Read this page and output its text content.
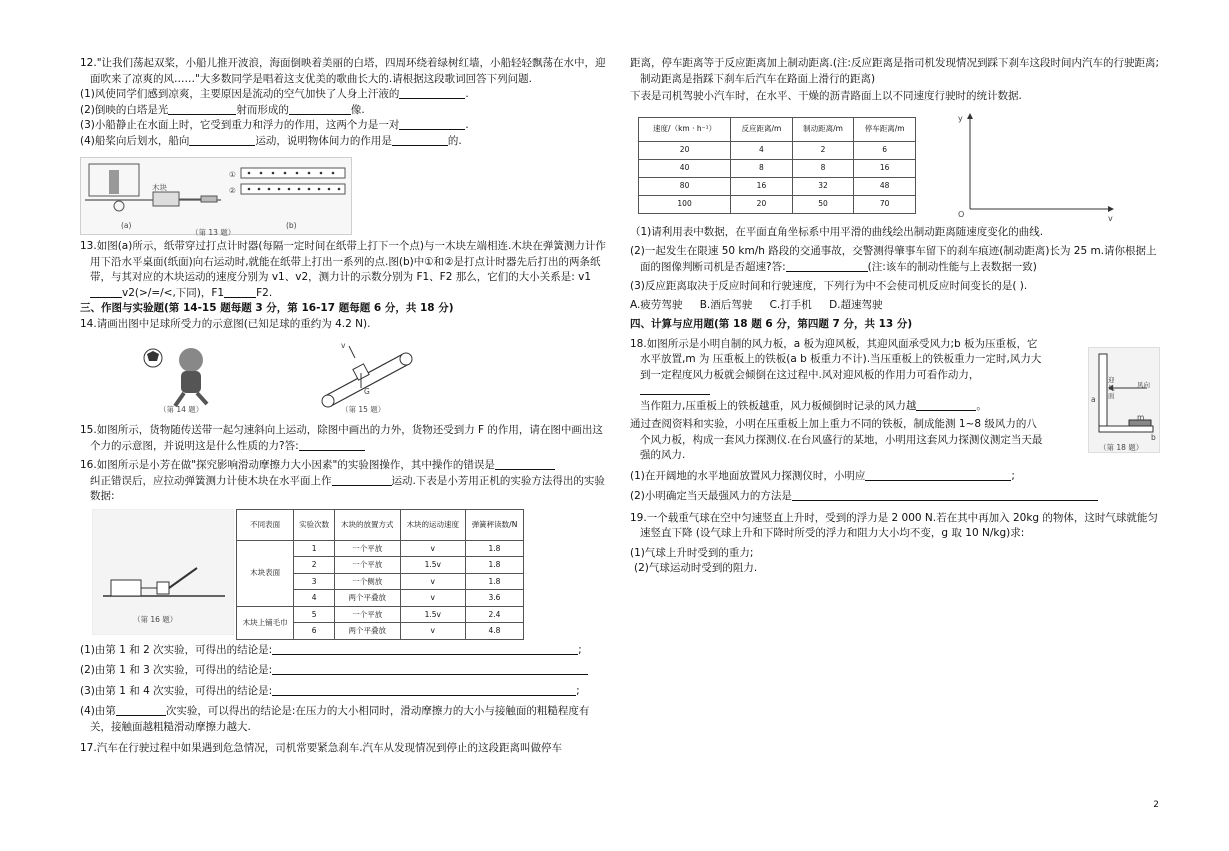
12."让我们荡起双桨，小船儿推开波浪，海面倒映着美丽的白塔，四周环绕着绿树红墙，小船轻轻飘荡在水中，迎面吹来了凉爽的风……"大多数同学是唱着这支优美的歌曲长大的.请根据这段歌词回答下列问题.

(1)风使同学们感到凉爽，主要原因是流动的空气加快了人身上汗液的	.

(2)倒映的白塔是光	射而形成的	像.

(3)小船静止在水面上时，它受到重力和浮力的作用，这两个力是一对	.

(4)船桨向后划水，船向	运动，说明物体间力的作用是	的.

木块
①
②
(a)	(b)
（第 13 题）

13.如图(a)所示，纸带穿过打点计时器(每隔一定时间在纸带上打下一个点)与一木块左端相连.木块在弹簧测力计作用下沿水平桌面(纸面)向右运动时,就能在纸带上打出一系列的点.图(b)中①和②是打点计时器先后打出的两条纸带，与其对应的木块运动的速度分别为 v1、v2，测力计的示数分别为 F1、F2 那么，它们的大小关系是: v1v2(>/=/<,下同)，F1	F2.

三、作图与实验题(第 14-15 题每题 3 分，第 16-17 题每题 6 分，共 18 分)

14.请画出图中足球所受力的示意图(已知足球的重约为 4.2 N).

（第 14 题）
v
G
（第 15 题）

15.如图所示，货物随传送带一起匀速斜向上运动，除图中画出的力外，货物还受到力 F 的作用，请在图中画出这个力的示意图，并说明这是什么性质的力?答:

16.如图所示是小芳在做"探究影响滑动摩擦力大小因素"的实验图操作，其中操作的错误是
纠正错误后，应拉动弹簧测力计使木块在水平面上作	运动.下表是小芳用正机的实验方法得出的实验数据:

（第 16 题）
不同表面	实验次数	木块的放置方式	木块的运动速度	弹簧秤读数/N
木块表面	1	一个平放	v	1.8
	2	一个平放	1.5v	1.8
	3	一个侧放	v	1.8
	4	两个平叠放	v	3.6
木块上铺毛巾	5	一个平放	1.5v	2.4
	6	两个平叠放	v	4.8

(1)由第 1 和 2 次实验，可得出的结论是:	;

(2)由第 1 和 3 次实验，可得出的结论是:

(3)由第 1 和 4 次实验，可得出的结论是:	;

(4)由第	次实验，可以得出的结论是:在压力的大小相同时，滑动摩擦力的大小与接触面的粗糙程度有关，接触面越粗糙滑动摩擦力越大.

17.汽车在行驶过程中如果遇到危急情况，司机常要紧急刹车.汽车从发现情况到停止的这段距离叫做停车

距离，停车距离等于反应距离加上制动距离.(注:反应距离是指司机发现情况到踩下刹车这段时间内汽车的行驶距离;制动距离是指踩下刹车后汽车在路面上滑行的距离)

下表是司机驾驶小汽车时，在水平、干燥的沥青路面上以不同速度行驶时的统计数据.

速度/（km · h⁻¹）	反应距离/m	制动距离/m	停车距离/m
20	4	2	6
40	8	8	16
80	16	32	48
100	20	50	70
y
O	v

（1)请利用表中数据，在平面直角坐标系中用平滑的曲线绘出制动距离随速度变化的曲线.

(2)一起发生在限速 50 km/h 路段的交通事故，交警测得肇事车留下的刹车痕迹(制动距离)长为 25 m.请你根据上面的图像判断司机是否超速?答:	(注:该车的制动性能与上表数据一致)

(3)反应距离取决于反应时间和行驶速度，下列行为中不会使司机反应时间变长的是( ).

A.疲劳驾驶 B.酒后驾驶 C.打手机 D.超速驾驶

四、计算与应用题(第 18 题 6 分，第四题 7 分，共 13 分)

18.如图所示是小明自制的风力板，a 板为迎风板，其迎风面承受风力;b 板为压重板，它水平放置,m 为 压重板上的铁板(a b 板重力不计).当压重板上的铁板重力一定时,风力大到一定程度风力板就会倾倒在这过程中.风对迎风板的作用力可看作动力，

当作阻力,压重板上的铁板越重，风力板倾倒时记录的风力越	。

通过查阅资料和实验，小明在压重板上加上重力不同的铁板，制成能测 1~8 级风力的八个风力板，构成一套风力探测仪.在台风盛行的某地，小明用这套风力探测仪测定当天最强的风力.

迎风面
风向
a
m
b
（第 18 题）

(1)在开阔地的水平地面放置风力探测仪时，小明应	;

(2)小明确定当天最强风力的方法是

19.一个载重气球在空中匀速竖直上升时，受到的浮力是 2 000 N.若在其中再加入 20kg 的物体，这时气球就能匀速竖直下降 (设气球上升和下降时所受的浮力和阻力大小均不变，g 取 10 N/kg)求:

(1)气球上升时受到的重力;

(2)气球运动时受到的阻力.

2
